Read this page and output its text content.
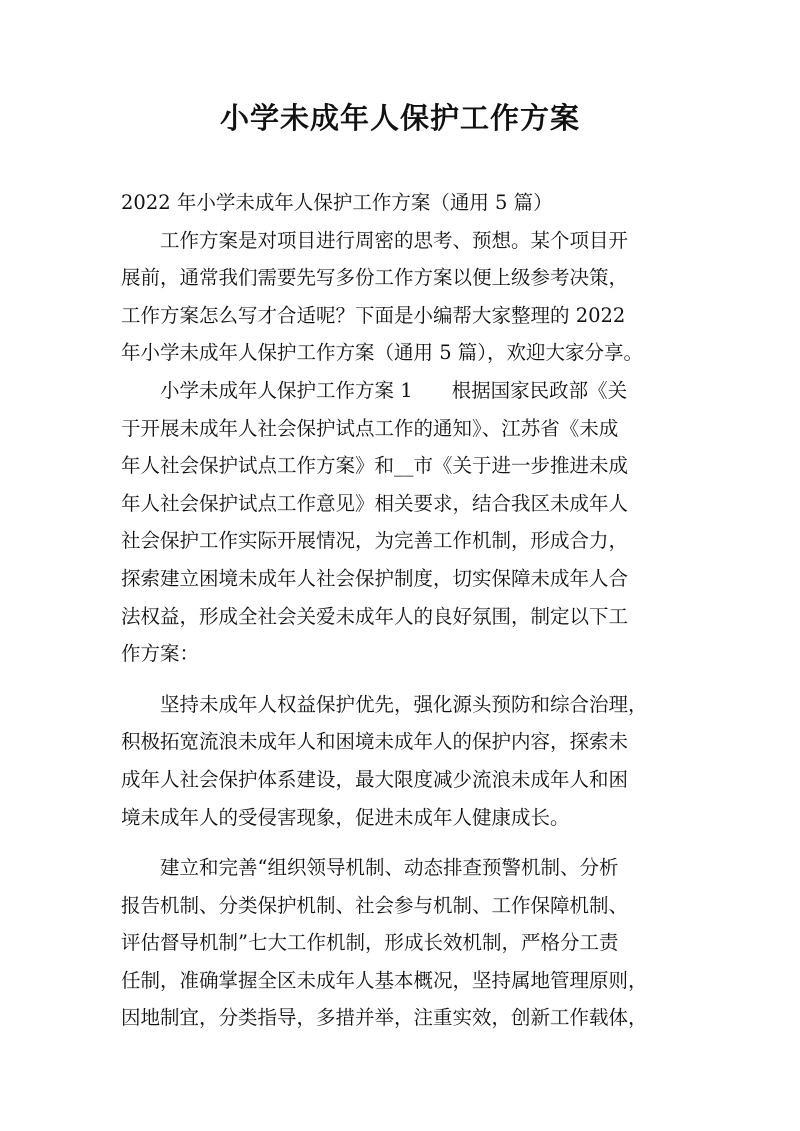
小学未成年人保护工作方案
2022 年小学未成年人保护工作方案（通用 5 篇）
　　工作方案是对项目进行周密的思考、预想。某个项目开
展前，通常我们需要先写多份工作方案以便上级参考决策，
工作方案怎么写才合适呢？下面是小编帮大家整理的 2022
年小学未成年人保护工作方案（通用 5 篇），欢迎大家分享。
　　小学未成年人保护工作方案 1　　根据国家民政部《关
于开展未成年人社会保护试点工作的通知》、江苏省《未成
年人社会保护试点工作方案》和__市《关于进一步推进未成
年人社会保护试点工作意见》相关要求，结合我区未成年人
社会保护工作实际开展情况，为完善工作机制，形成合力，
探索建立困境未成年人社会保护制度，切实保障未成年人合
法权益，形成全社会关爱未成年人的良好氛围，制定以下工
作方案：
　　坚持未成年人权益保护优先，强化源头预防和综合治理，
积极拓宽流浪未成年人和困境未成年人的保护内容，探索未
成年人社会保护体系建设，最大限度减少流浪未成年人和困
境未成年人的受侵害现象，促进未成年人健康成长。
　　建立和完善“组织领导机制、动态排查预警机制、分析
报告机制、分类保护机制、社会参与机制、工作保障机制、
评估督导机制”七大工作机制，形成长效机制，严格分工责
任制，准确掌握全区未成年人基本概况，坚持属地管理原则，
因地制宜，分类指导，多措并举，注重实效，创新工作载体，
